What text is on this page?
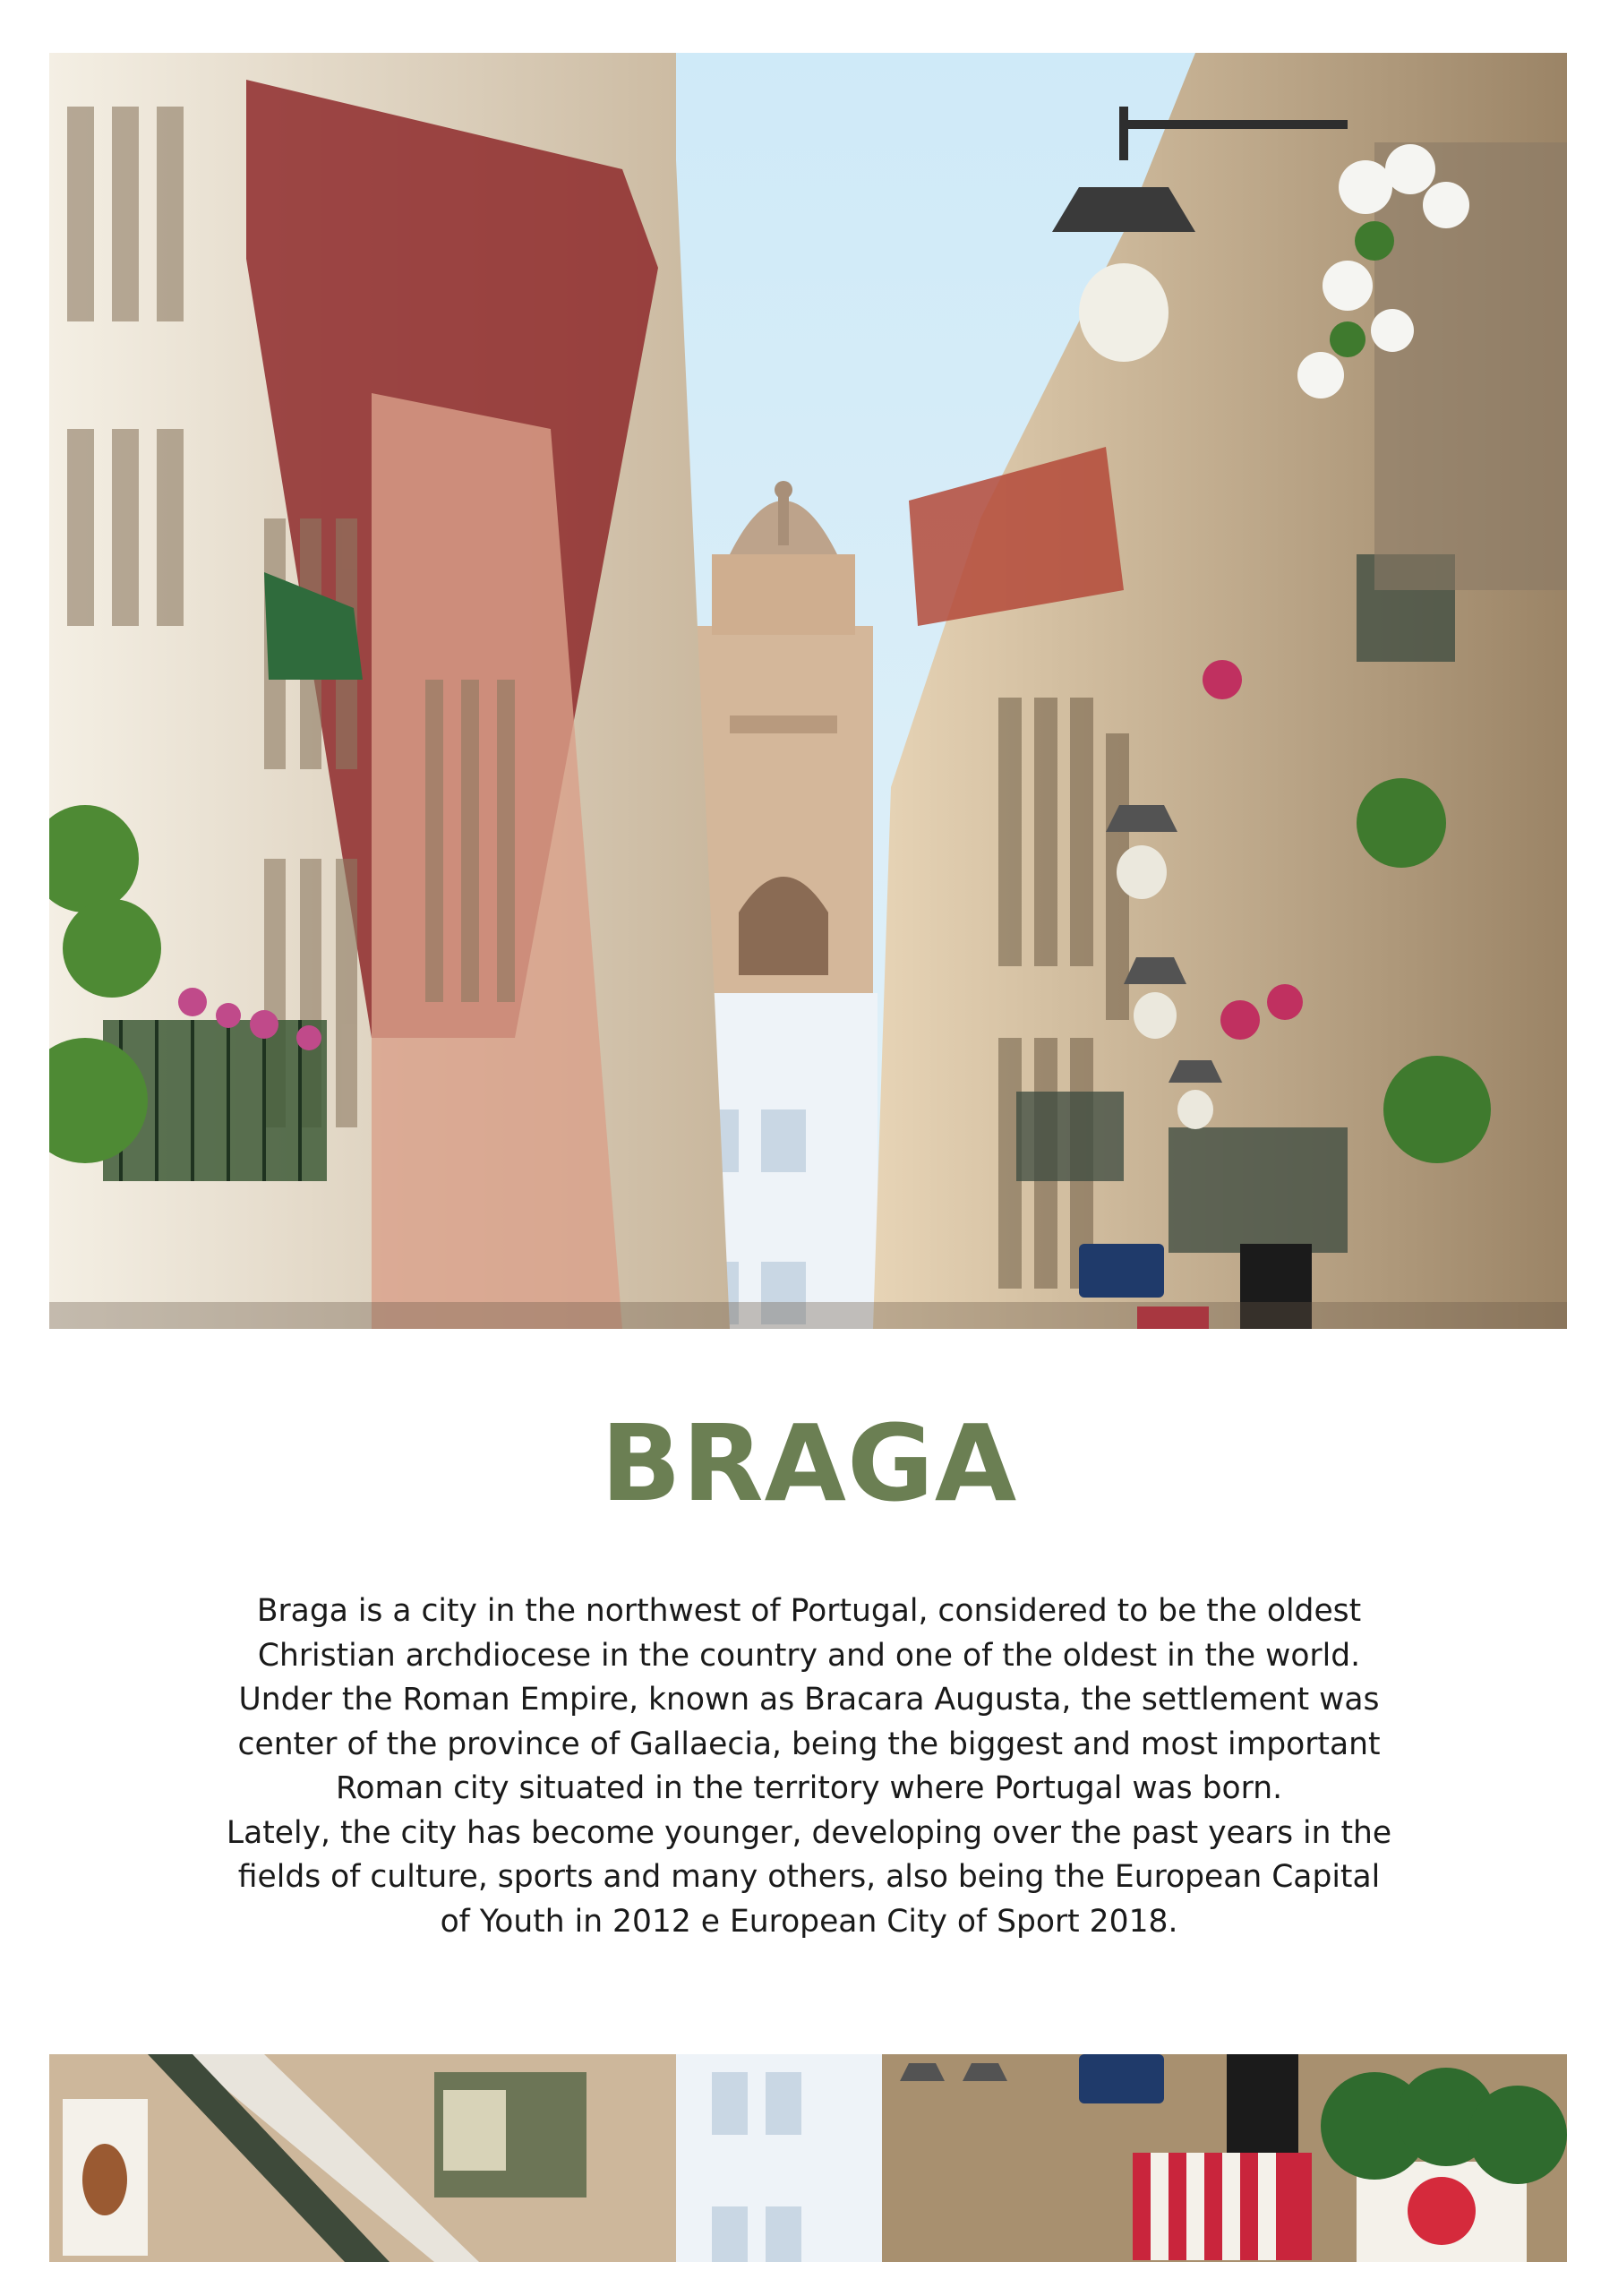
BRAGA

Braga is a city in the northwest of Portugal, considered to be the oldest
Christian archdiocese in the country and one of the oldest in the world.
Under the Roman Empire, known as Bracara Augusta, the settlement was
center of the province of Gallaecia, being the biggest and most important
Roman city situated in the territory where Portugal was born.
Lately, the city has become younger, developing over the past years in the
fields of culture, sports and many others, also being the European Capital
of Youth in 2012 e European City of Sport 2018.
